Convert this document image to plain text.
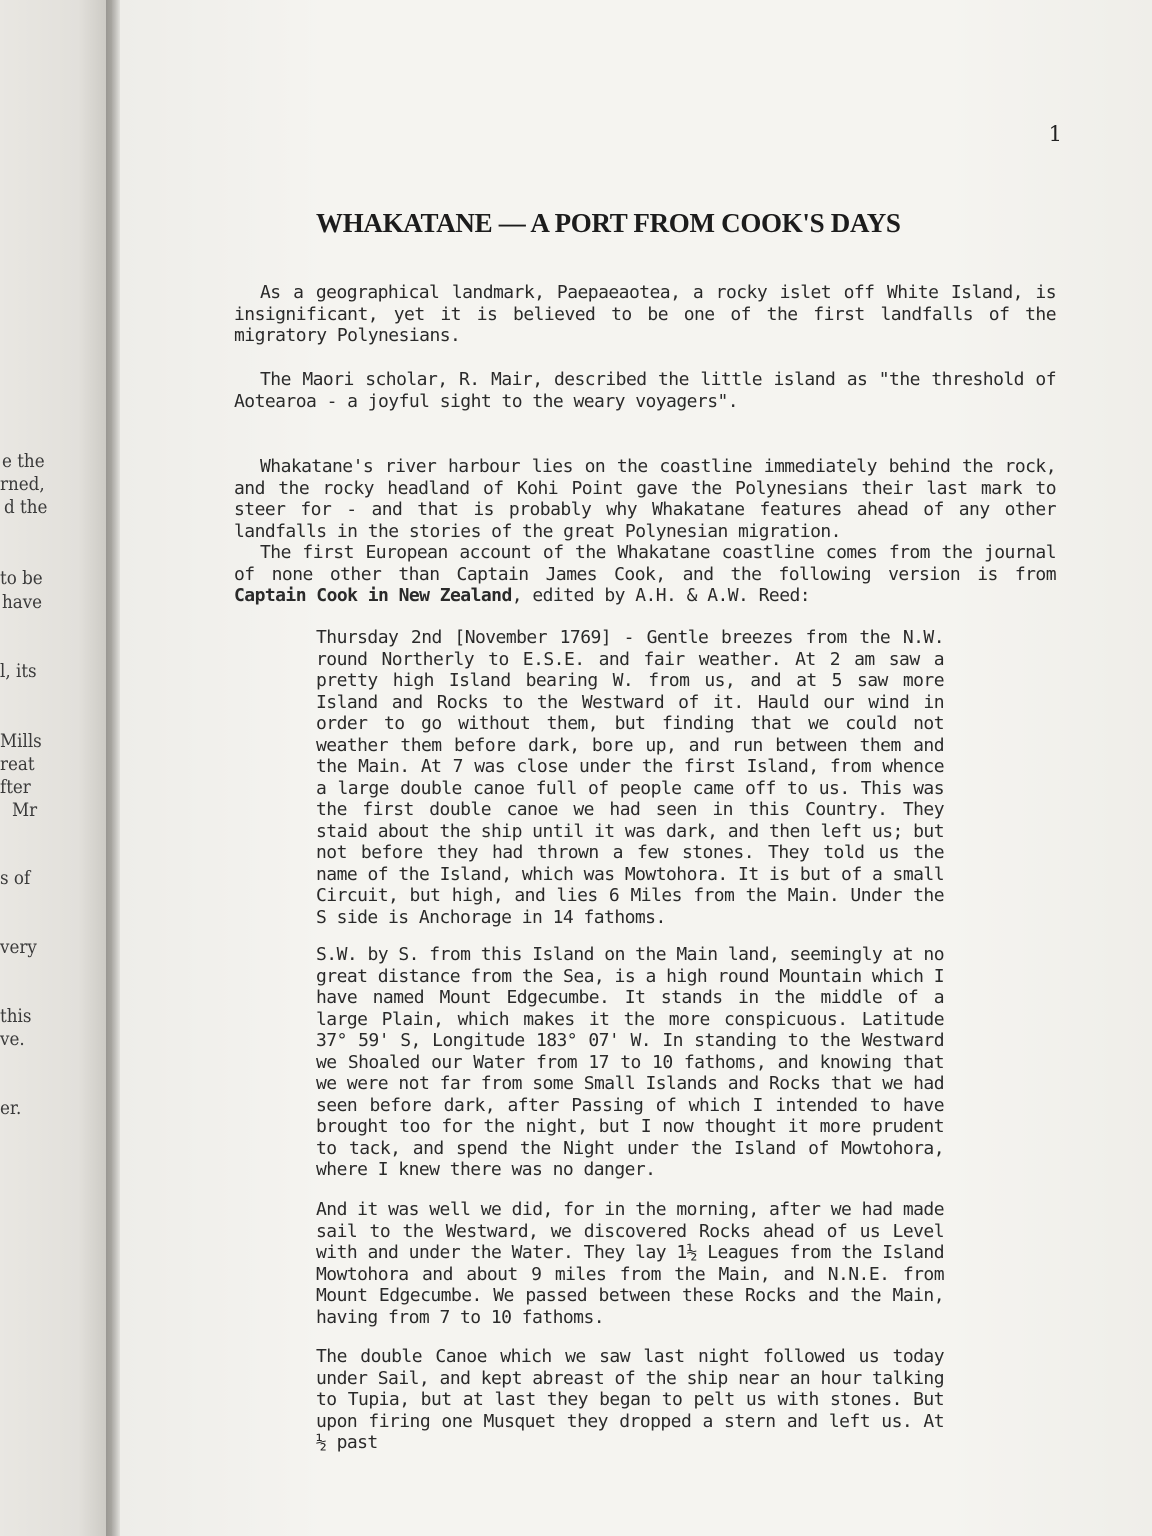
e the
rned,
d the
to be
have
l, its
Mills
reat
fter
Mr
s of
very
this
ve.
er.
1
WHAKATANE — A PORT FROM COOK'S DAYS

As a geographical landmark, Paepaeaotea, a rocky islet off White Island, is insignificant, yet it is believed to be one of the first landfalls of the migratory Polynesians.

The Maori scholar, R. Mair, described the little island as "the threshold of Aotearoa - a joyful sight to the weary voyagers".

Whakatane's river harbour lies on the coastline immediately behind the rock, and the rocky headland of Kohi Point gave the Polynesians their last mark to steer for - and that is probably why Whakatane features ahead of any other landfalls in the stories of the great Polynesian migration.

The first European account of the Whakatane coastline comes from the journal of none other than Captain James Cook, and the following version is from Captain Cook in New Zealand, edited by A.H. & A.W. Reed:

Thursday 2nd [November 1769] - Gentle breezes from the N.W. round Northerly to E.S.E. and fair weather. At 2 am saw a pretty high Island bearing W. from us, and at 5 saw more Island and Rocks to the Westward of it. Hauld our wind in order to go without them, but finding that we could not weather them before dark, bore up, and run between them and the Main. At 7 was close under the first Island, from whence a large double canoe full of people came off to us. This was the first double canoe we had seen in this Country. They staid about the ship until it was dark, and then left us; but not before they had thrown a few stones. They told us the name of the Island, which was Mowtohora. It is but of a small Circuit, but high, and lies 6 Miles from the Main. Under the S side is Anchorage in 14 fathoms.

S.W. by S. from this Island on the Main land, seemingly at no great distance from the Sea, is a high round Mountain which I have named Mount Edgecumbe. It stands in the middle of a large Plain, which makes it the more conspicuous. Latitude 37° 59' S, Longitude 183° 07' W. In standing to the Westward we Shoaled our Water from 17 to 10 fathoms, and knowing that we were not far from some Small Islands and Rocks that we had seen before dark, after Passing of which I intended to have brought too for the night, but I now thought it more prudent to tack, and spend the Night under the Island of Mowtohora, where I knew there was no danger.

And it was well we did, for in the morning, after we had made sail to the Westward, we discovered Rocks ahead of us Level with and under the Water. They lay 1½ Leagues from the Island Mowtohora and about 9 miles from the Main, and N.N.E. from Mount Edgecumbe. We passed between these Rocks and the Main, having from 7 to 10 fathoms.

The double Canoe which we saw last night followed us today under Sail, and kept abreast of the ship near an hour talking to Tupia, but at last they began to pelt us with stones. But upon firing one Musquet they dropped a stern and left us. At ½ past
